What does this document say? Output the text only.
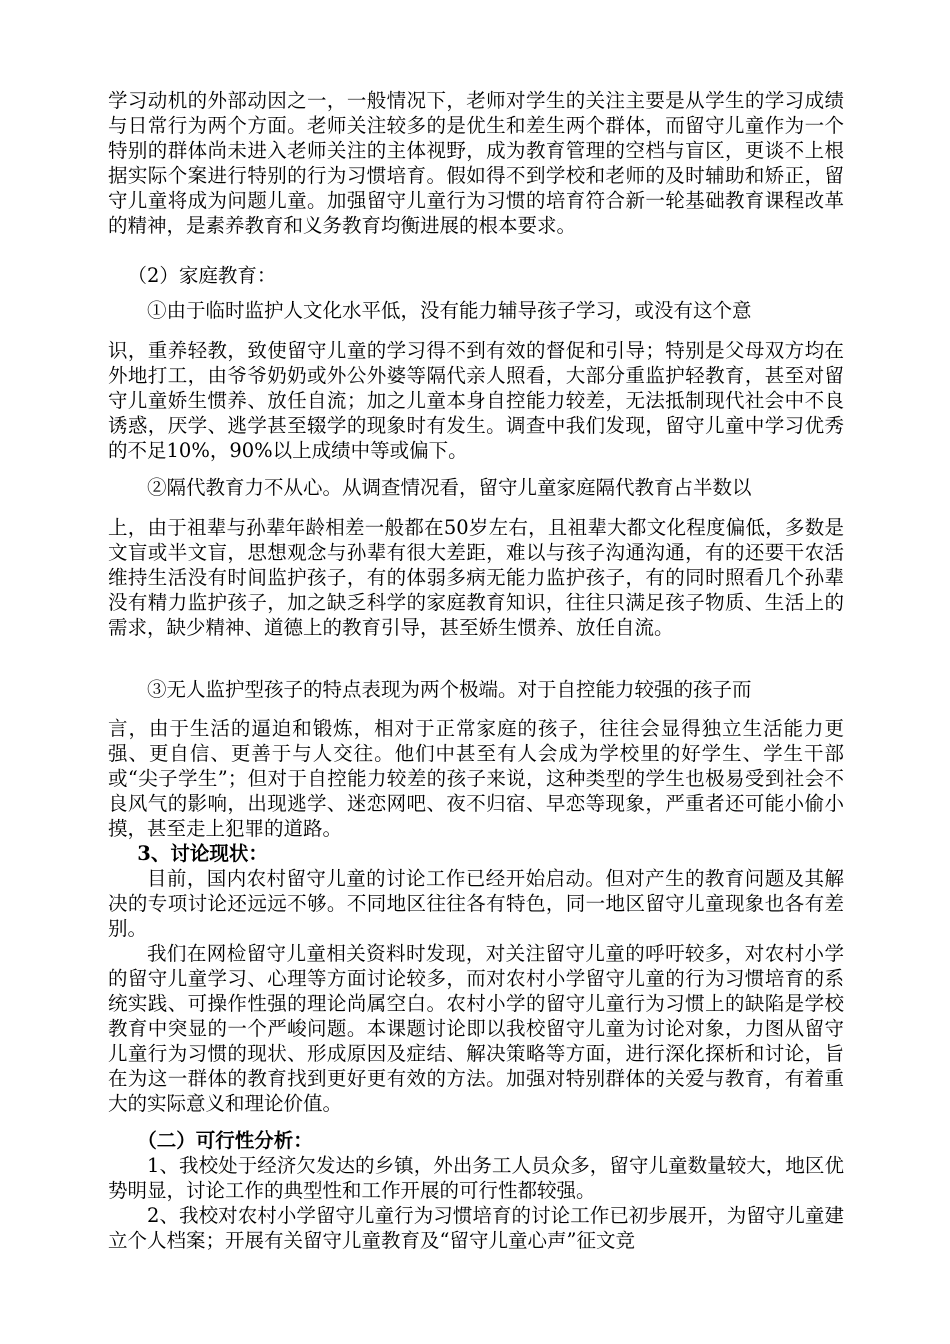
学习动机的外部动因之一，一般情况下，老师对学生的关注主要是从学生的学习成绩与日常行为两个方面。老师关注较多的是优生和差生两个群体，而留守儿童作为一个特别的群体尚未进入老师关注的主体视野，成为教育管理的空档与盲区，更谈不上根据实际个案进行特别的行为习惯培育。假如得不到学校和老师的及时辅助和矫正，留守儿童将成为问题儿童。加强留守儿童行为习惯的培育符合新一轮基础教育课程改革的精神，是素养教育和义务教育均衡进展的根本要求。

（2）家庭教育：

①由于临时监护人文化水平低，没有能力辅导孩子学习，或没有这个意

识，重养轻教，致使留守儿童的学习得不到有效的督促和引导；特别是父母双方均在外地打工，由爷爷奶奶或外公外婆等隔代亲人照看，大部分重监护轻教育，甚至对留守儿童娇生惯养、放任自流；加之儿童本身自控能力较差，无法抵制现代社会中不良诱惑，厌学、逃学甚至辍学的现象时有发生。调查中我们发现，留守儿童中学习优秀的不足10%，90%以上成绩中等或偏下。

②隔代教育力不从心。从调查情况看，留守儿童家庭隔代教育占半数以

上，由于祖辈与孙辈年龄相差一般都在50岁左右，且祖辈大都文化程度偏低，多数是文盲或半文盲，思想观念与孙辈有很大差距，难以与孩子沟通沟通，有的还要干农活维持生活没有时间监护孩子，有的体弱多病无能力监护孩子，有的同时照看几个孙辈没有精力监护孩子，加之缺乏科学的家庭教育知识，往往只满足孩子物质、生活上的需求，缺少精神、道德上的教育引导，甚至娇生惯养、放任自流。

③无人监护型孩子的特点表现为两个极端。对于自控能力较强的孩子而

言，由于生活的逼迫和锻炼，相对于正常家庭的孩子，往往会显得独立生活能力更强、更自信、更善于与人交往。他们中甚至有人会成为学校里的好学生、学生干部或“尖子学生”；但对于自控能力较差的孩子来说，这种类型的学生也极易受到社会不良风气的影响，出现逃学、迷恋网吧、夜不归宿、早恋等现象，严重者还可能小偷小摸，甚至走上犯罪的道路。

3、讨论现状：

目前，国内农村留守儿童的讨论工作已经开始启动。但对产生的教育问题及其解决的专项讨论还远远不够。不同地区往往各有特色，同一地区留守儿童现象也各有差别。

我们在网检留守儿童相关资料时发现，对关注留守儿童的呼吁较多，对农村小学的留守儿童学习、心理等方面讨论较多，而对农村小学留守儿童的行为习惯培育的系统实践、可操作性强的理论尚属空白。农村小学的留守儿童行为习惯上的缺陷是学校教育中突显的一个严峻问题。本课题讨论即以我校留守儿童为讨论对象，力图从留守儿童行为习惯的现状、形成原因及症结、解决策略等方面，进行深化探析和讨论，旨在为这一群体的教育找到更好更有效的方法。加强对特别群体的关爱与教育，有着重大的实际意义和理论价值。

（二）可行性分析：

1、我校处于经济欠发达的乡镇，外出务工人员众多，留守儿童数量较大，地区优势明显，讨论工作的典型性和工作开展的可行性都较强。

2、我校对农村小学留守儿童行为习惯培育的讨论工作已初步展开，为留守儿童建立个人档案；开展有关留守儿童教育及“留守儿童心声”征文竞
